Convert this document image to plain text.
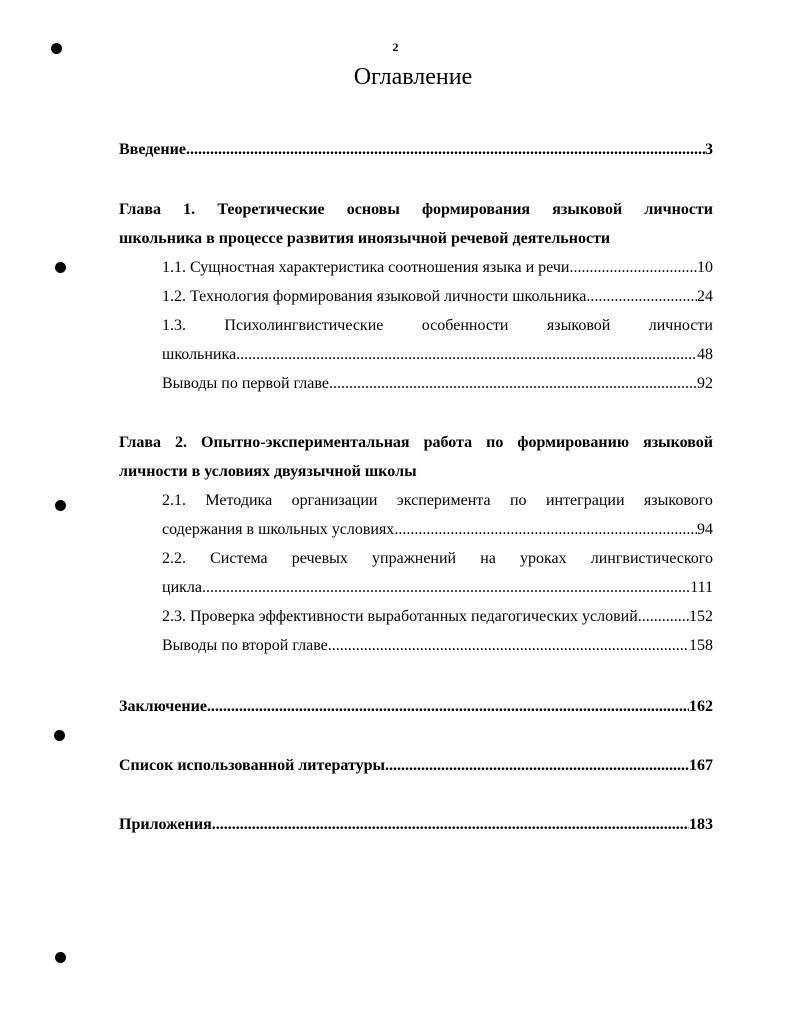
2
Оглавление
Введение .....	3
Глава 1. Теоретические основы формирования языковой личности
школьника в процессе развития иноязычной речевой деятельности
1.1. Сущностная характеристика соотношения языка и речи .....	10
1.2. Технология формирования языковой личности школьника .....	24
1.3. Психолингвистические особенности языковой личности
школьника .....	48
Выводы по первой главе .....	92
Глава 2. Опытно-экспериментальная работа по формированию языковой
личности в условиях двуязычной школы
2.1. Методика организации эксперимента по интеграции языкового
содержания в школьных условиях .....	94
2.2. Система речевых упражнений на уроках лингвистического
цикла .....	111
2.3. Проверка эффективности выработанных педагогических условий .....	152
Выводы по второй главе .....	158
Заключение .....	162
Список использованной литературы .....	167
Приложения .....	183
